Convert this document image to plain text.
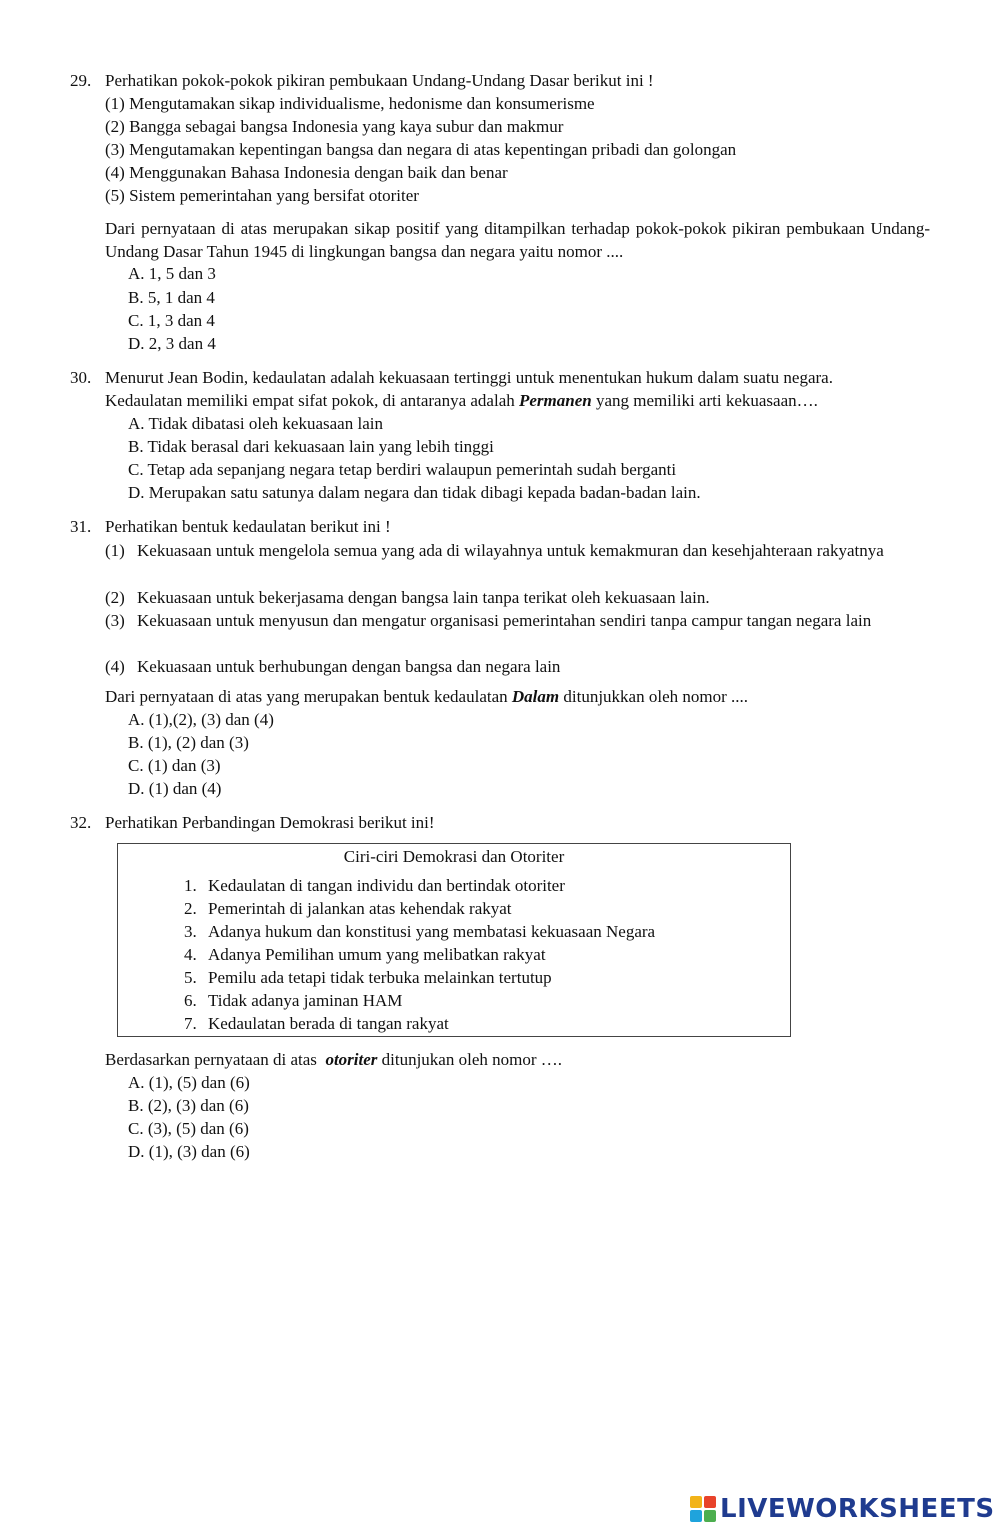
29. Perhatikan pokok-pokok pikiran pembukaan Undang-Undang Dasar berikut ini !
(1) Mengutamakan sikap individualisme, hedonisme dan konsumerisme
(2) Bangga sebagai bangsa Indonesia yang kaya subur dan makmur
(3) Mengutamakan kepentingan bangsa dan negara di atas kepentingan pribadi dan golongan
(4) Menggunakan Bahasa Indonesia dengan baik dan benar
(5) Sistem pemerintahan yang bersifat otoriter

Dari pernyataan di atas merupakan sikap positif yang ditampilkan terhadap pokok-pokok pikiran pembukaan Undang-Undang Dasar Tahun 1945 di lingkungan bangsa dan negara yaitu nomor ....

A. 1, 5 dan 3
B. 5, 1 dan 4
C. 1, 3 dan 4
D. 2, 3 dan 4
30. Menurut Jean Bodin, kedaulatan adalah kekuasaan tertinggi untuk menentukan hukum dalam suatu negara.
Kedaulatan memiliki empat sifat pokok, di antaranya adalah Permanen yang memiliki arti kekuasaan….
A. Tidak dibatasi oleh kekuasaan lain
B. Tidak berasal dari kekuasaan lain yang lebih tinggi
C. Tetap ada sepanjang negara tetap berdiri walaupun pemerintah sudah berganti
D. Merupakan satu satunya dalam negara dan tidak dibagi kepada badan-badan lain.
31. Perhatikan bentuk kedaulatan berikut ini !
(1) Kekuasaan untuk mengelola semua yang ada di wilayahnya untuk kemakmuran dan kesehjahteraan rakyatnya
(2) Kekuasaan untuk bekerjasama dengan bangsa lain tanpa terikat oleh kekuasaan lain.
(3) Kekuasaan untuk menyusun dan mengatur organisasi pemerintahan sendiri tanpa campur tangan negara lain
(4) Kekuasaan untuk berhubungan dengan bangsa dan negara lain
Dari pernyataan di atas yang merupakan bentuk kedaulatan Dalam ditunjukkan oleh nomor ....
A. (1),(2), (3) dan (4)
B. (1), (2) dan (3)
C. (1) dan (3)
D. (1) dan (4)
32. Perhatikan Perbandingan Demokrasi berikut ini!
Ciri-ciri Demokrasi dan Otoriter
1. Kedaulatan di tangan individu dan bertindak otoriter
2. Pemerintah di jalankan atas kehendak rakyat
3. Adanya hukum dan konstitusi yang membatasi kekuasaan Negara
4. Adanya Pemilihan umum yang melibatkan rakyat
5. Pemilu ada tetapi tidak terbuka melainkan tertutup
6. Tidak adanya jaminan HAM
7. Kedaulatan berada di tangan rakyat
Berdasarkan pernyataan di atas  otoriter ditunjukan oleh nomor ….
A. (1), (5) dan (6)
B. (2), (3) dan (6)
C. (3), (5) dan (6)
D. (1), (3) dan (6)
LIVEWORKSHEETS
